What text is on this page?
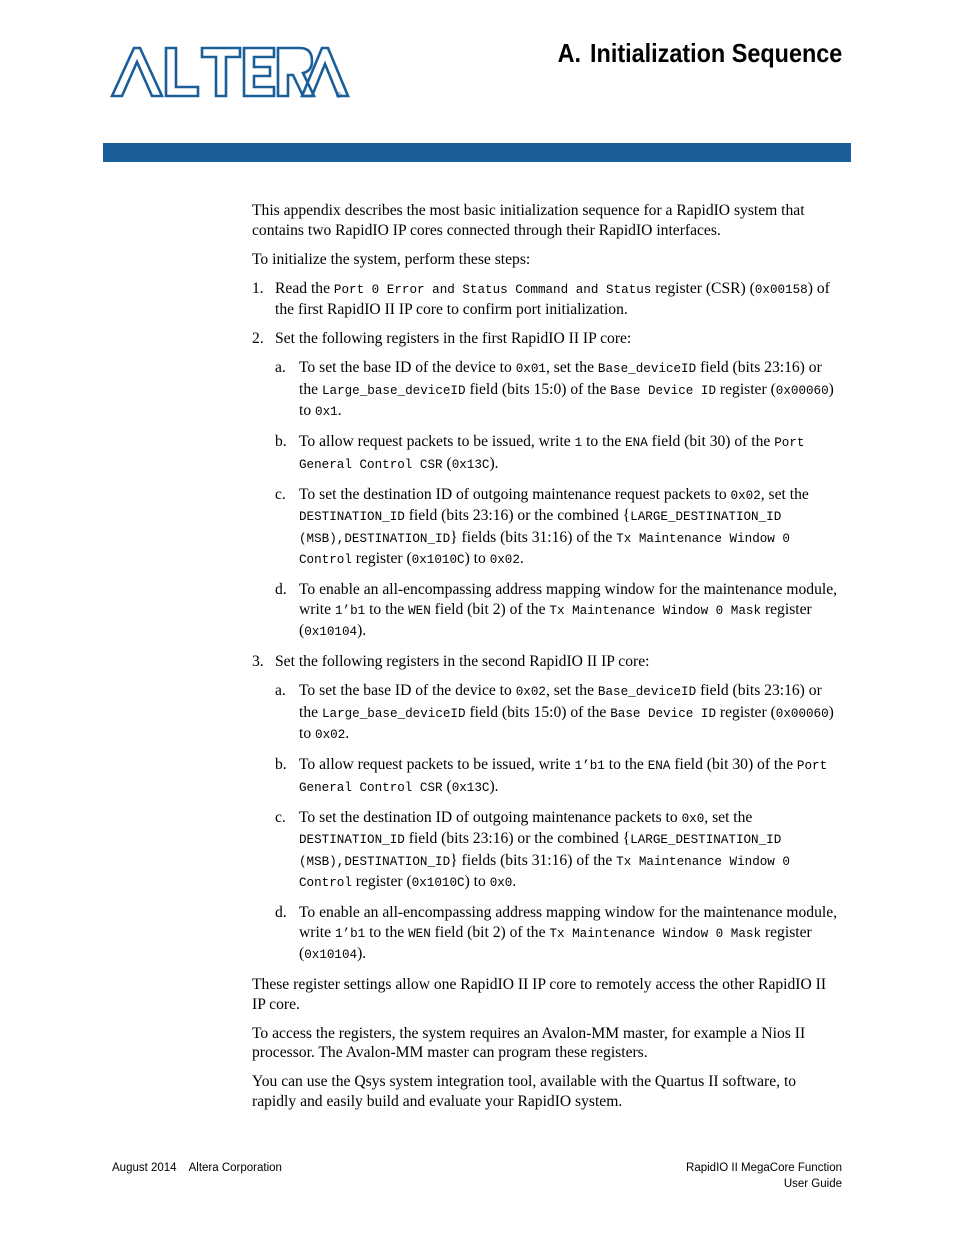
®
A. Initialization Sequence

This appendix describes the most basic initialization sequence for a RapidIO system that contains two RapidIO IP cores connected through their RapidIO interfaces.

To initialize the system, perform these steps:

1. Read the Port 0 Error and Status Command and Status register (CSR) (0x00158) of the first RapidIO II IP core to confirm port initialization.
2. Set the following registers in the first RapidIO II IP core:
a. To set the base ID of the device to 0x01, set the Base_deviceID field (bits 23:16) or the Large_base_deviceID field (bits 15:0) of the Base Device ID register (0x00060) to 0x1.
b. To allow request packets to be issued, write 1 to the ENA field (bit 30) of the Port General Control CSR (0x13C).
c. To set the destination ID of outgoing maintenance request packets to 0x02, set the DESTINATION_ID field (bits 23:16) or the combined {LARGE_DESTINATION_ID (MSB),DESTINATION_ID} fields (bits 31:16) of the Tx Maintenance Window 0 Control register (0x1010C) to 0x02.
d. To enable an all-encompassing address mapping window for the maintenance module, write 1’b1 to the WEN field (bit 2) of the Tx Maintenance Window 0 Mask register (0x10104).
3. Set the following registers in the second RapidIO II IP core:
a. To set the base ID of the device to 0x02, set the Base_deviceID field (bits 23:16) or the Large_base_deviceID field (bits 15:0) of the Base Device ID register (0x00060) to 0x02.
b. To allow request packets to be issued, write 1’b1 to the ENA field (bit 30) of the Port General Control CSR (0x13C).
c. To set the destination ID of outgoing maintenance packets to 0x0, set the DESTINATION_ID field (bits 23:16) or the combined {LARGE_DESTINATION_ID (MSB),DESTINATION_ID} fields (bits 31:16) of the Tx Maintenance Window 0 Control register (0x1010C) to 0x0.
d. To enable an all-encompassing address mapping window for the maintenance module, write 1’b1 to the WEN field (bit 2) of the Tx Maintenance Window 0 Mask register (0x10104).

These register settings allow one RapidIO II IP core to remotely access the other RapidIO II IP core.

To access the registers, the system requires an Avalon-MM master, for example a Nios II processor. The Avalon-MM master can program these registers.

You can use the Qsys system integration tool, available with the Quartus II software, to rapidly and easily build and evaluate your RapidIO system.

August 2014 Altera Corporation	RapidIO II MegaCore Function
User Guide
